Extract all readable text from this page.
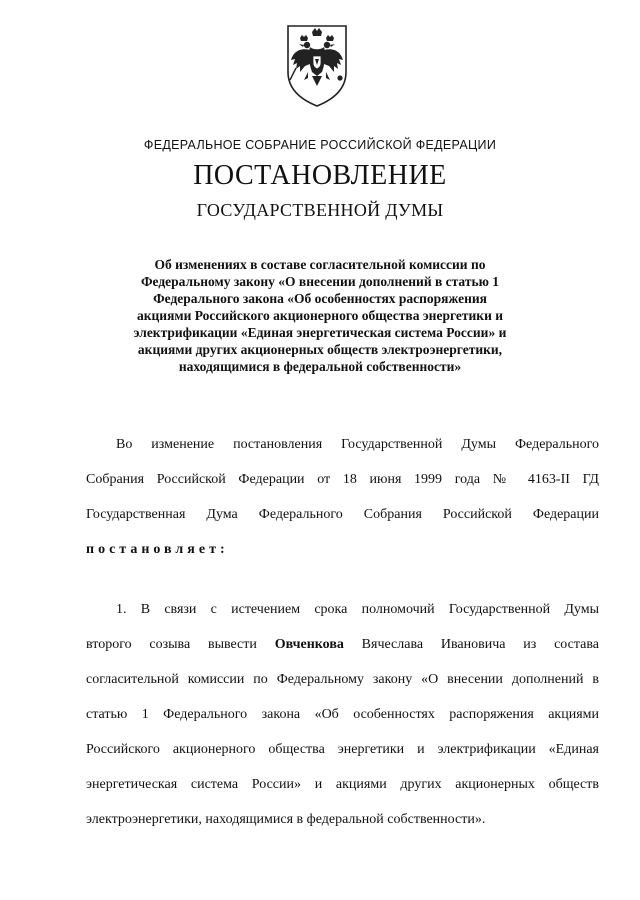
ФЕДЕРАЛЬНОЕ СОБРАНИЕ РОССИЙСКОЙ ФЕДЕРАЦИИ
ПОСТАНОВЛЕНИЕ
ГОСУДАРСТВЕННОЙ ДУМЫ
Об изменениях в составе согласительной комиссии по
Федеральному закону «О внесении дополнений в статью 1
Федерального закона «Об особенностях распоряжения
акциями Российского акционерного общества энергетики и
электрификации «Единая энергетическая система России» и
акциями других акционерных обществ электроэнергетики,
находящимися в федеральной собственности»
Во изменение постановления Государственной Думы Федерального
Собрания Российской Федерации от 18 июня 1999 года № 4163-II ГД
Государственная Дума Федерального Собрания Российской Федерации
постановляет:
1. В связи с истечением срока полномочий Государственной Думы
второго созыва вывести Овченкова Вячеслава Ивановича из состава
согласительной комиссии по Федеральному закону «О внесении дополнений в
статью 1 Федерального закона «Об особенностях распоряжения акциями
Российского акционерного общества энергетики и электрификации «Единая
энергетическая система России» и акциями других акционерных обществ
электроэнергетики, находящимися в федеральной собственности».
